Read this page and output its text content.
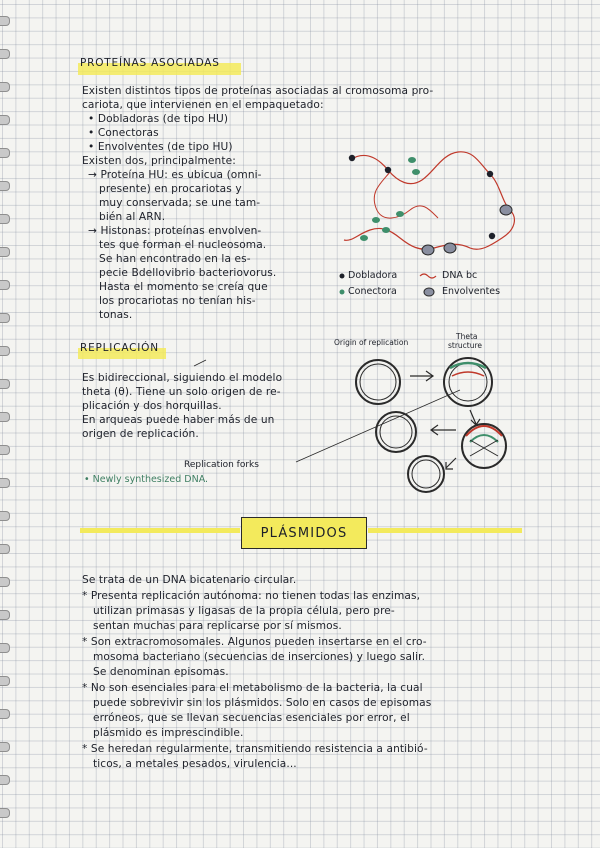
PROTEÍNAS ASOCIADAS
Existen distintos tipos de proteínas asociadas al cromosoma pro-
cariota, que intervienen en el empaquetado:
• Dobladoras (de tipo HU)
• Conectoras
• Envolventes (de tipo HU)
Existen dos, principalmente:
→ Proteína HU: es ubicua (omni-
presente) en procariotas y
muy conservada; se une tam-
bién al ARN.
→ Histonas: proteínas envolven-
tes que forman el nucleosoma.
Se han encontrado en la es-
pecie Bdellovibrio bacteriovorus.
Hasta el momento se creía que
los procariotas no tenían his-
tonas.
Dobladora
Conectora
DNA bc
Envolventes
REPLICACIÓN
Es bidireccional, siguiendo el modelo
theta (θ). Tiene un solo origen de re-
plicación y dos horquillas.
En arqueas puede haber más de un
origen de replicación.
Origin of replication
Theta
structure
Replication forks
• Newly synthesized DNA.
PLÁSMIDOS
Se trata de un DNA bicatenario circular.
* Presenta replicación autónoma: no tienen todas las enzimas,
utilizan primasas y ligasas de la propia célula, pero pre-
sentan muchas para replicarse por sí mismos.
* Son extracromosomales. Algunos pueden insertarse en el cro-
mosoma bacteriano (secuencias de inserciones) y luego salir.
Se denominan episomas.
* No son esenciales para el metabolismo de la bacteria, la cual
puede sobrevivir sin los plásmidos. Solo en casos de episomas
erróneos, que se llevan secuencias esenciales por error, el
plásmido es imprescindible.
* Se heredan regularmente, transmitiendo resistencia a antibió-
ticos, a metales pesados, virulencia...
